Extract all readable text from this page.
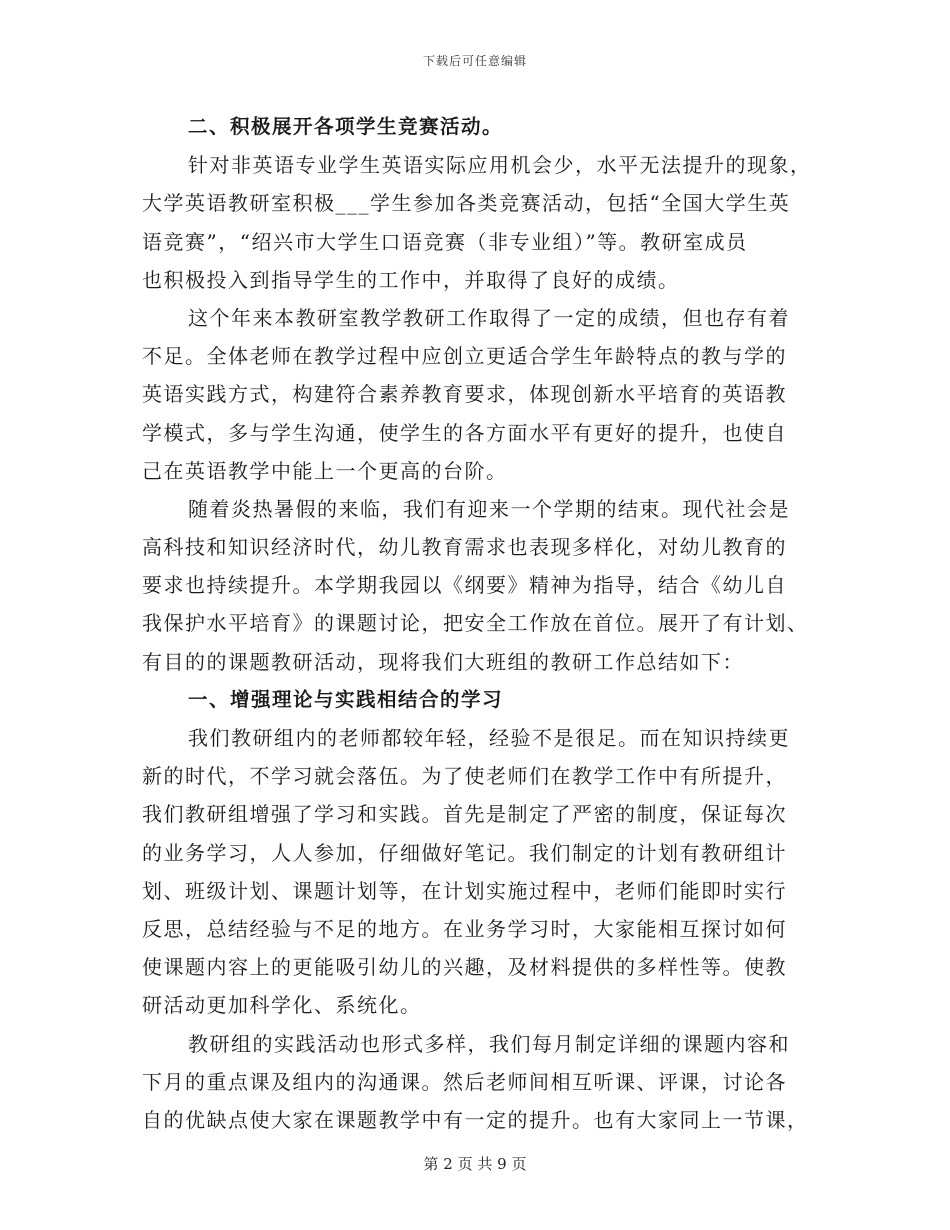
下载后可任意编辑
二、积极展开各项学生竞赛活动。
针对非英语专业学生英语实际应用机会少，水平无法提升的现象，
大学英语教研室积极___学生参加各类竞赛活动，包括“全国大学生英
语竞赛”，“绍兴市大学生口语竞赛（非专业组）”等。教研室成员
也积极投入到指导学生的工作中，并取得了良好的成绩。
这个年来本教研室教学教研工作取得了一定的成绩，但也存有着
不足。全体老师在教学过程中应创立更适合学生年龄特点的教与学的
英语实践方式，构建符合素养教育要求，体现创新水平培育的英语教
学模式，多与学生沟通，使学生的各方面水平有更好的提升，也使自
己在英语教学中能上一个更高的台阶。
随着炎热暑假的来临，我们有迎来一个学期的结束。现代社会是
高科技和知识经济时代，幼儿教育需求也表现多样化，对幼儿教育的
要求也持续提升。本学期我园以《纲要》精神为指导，结合《幼儿自
我保护水平培育》的课题讨论，把安全工作放在首位。展开了有计划、
有目的的课题教研活动，现将我们大班组的教研工作总结如下：
一、增强理论与实践相结合的学习
我们教研组内的老师都较年轻，经验不是很足。而在知识持续更
新的时代，不学习就会落伍。为了使老师们在教学工作中有所提升，
我们教研组增强了学习和实践。首先是制定了严密的制度，保证每次
的业务学习，人人参加，仔细做好笔记。我们制定的计划有教研组计
划、班级计划、课题计划等，在计划实施过程中，老师们能即时实行
反思，总结经验与不足的地方。在业务学习时，大家能相互探讨如何
使课题内容上的更能吸引幼儿的兴趣，及材料提供的多样性等。使教
研活动更加科学化、系统化。
教研组的实践活动也形式多样，我们每月制定详细的课题内容和
下月的重点课及组内的沟通课。然后老师间相互听课、评课，讨论各
自的优缺点使大家在课题教学中有一定的提升。也有大家同上一节课，
第 2 页 共 9 页
